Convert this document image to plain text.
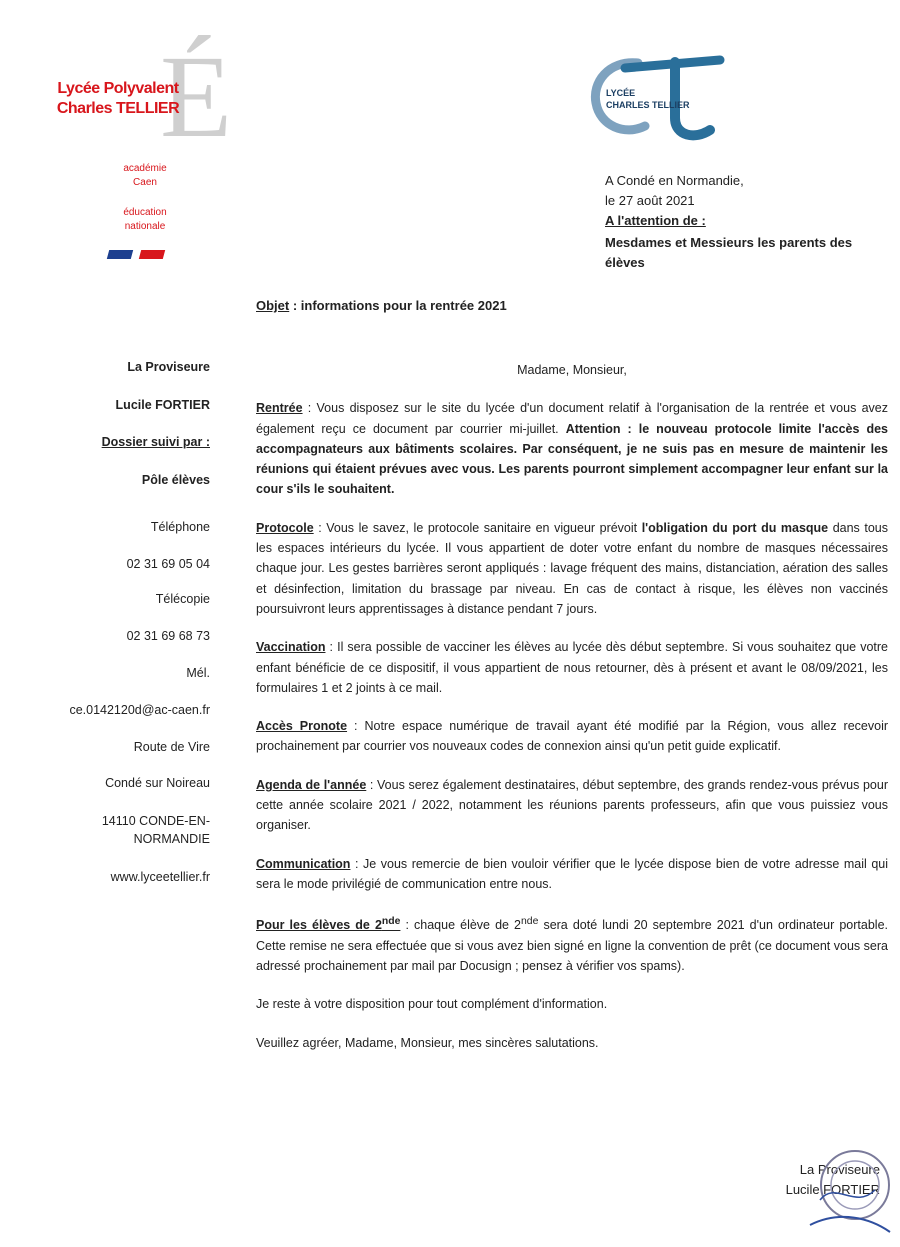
É
Lycée Polyvalent
Charles TELLIER
académie
Caen
éducation
nationale
LYCÉE
CHARLES TELLIER
A Condé en Normandie,
le 27 août 2021
A l'attention de :
Mesdames et Messieurs les parents des
élèves
Objet : informations pour la rentrée 2021
La Proviseure
Lucile FORTIER
Dossier suivi par :
Pôle élèves
Téléphone
02 31 69 05 04
Télécopie
02 31 69 68 73
Mél.
ce.0142120d@ac-caen.fr
Route de Vire
Condé sur Noireau
14110 CONDE-EN-
NORMANDIE
www.lyceetellier.fr
Madame, Monsieur,

Rentrée : Vous disposez sur le site du lycée d'un document relatif à l'organisation de la rentrée et vous avez également reçu ce document par courrier mi-juillet. Attention : le nouveau protocole limite l'accès des accompagnateurs aux bâtiments scolaires. Par conséquent, je ne suis pas en mesure de maintenir les réunions qui étaient prévues avec vous. Les parents pourront simplement accompagner leur enfant sur la cour s'ils le souhaitent.

Protocole : Vous le savez, le protocole sanitaire en vigueur prévoit l'obligation du port du masque dans tous les espaces intérieurs du lycée. Il vous appartient de doter votre enfant du nombre de masques nécessaires chaque jour. Les gestes barrières seront appliqués : lavage fréquent des mains, distanciation, aération des salles et désinfection, limitation du brassage par niveau. En cas de contact à risque, les élèves non vaccinés poursuivront leurs apprentissages à distance pendant 7 jours.

Vaccination : Il sera possible de vacciner les élèves au lycée dès début septembre. Si vous souhaitez que votre enfant bénéficie de ce dispositif, il vous appartient de nous retourner, dès à présent et avant le 08/09/2021, les formulaires 1 et 2 joints à ce mail.

Accès Pronote : Notre espace numérique de travail ayant été modifié par la Région, vous allez recevoir prochainement par courrier vos nouveaux codes de connexion ainsi qu'un petit guide explicatif.

Agenda de l'année : Vous serez également destinataires, début septembre, des grands rendez-vous prévus pour cette année scolaire 2021 / 2022, notamment les réunions parents professeurs, afin que vous puissiez vous organiser.

Communication : Je vous remercie de bien vouloir vérifier que le lycée dispose bien de votre adresse mail qui sera le mode privilégié de communication entre nous.

Pour les élèves de 2nde : chaque élève de 2nde sera doté lundi 20 septembre 2021 d'un ordinateur portable. Cette remise ne sera effectuée que si vous avez bien signé en ligne la convention de prêt (ce document vous sera adressé prochainement par mail par Docusign ; pensez à vérifier vos spams).

Je reste à votre disposition pour tout complément d'information.

Veuillez agréer, Madame, Monsieur, mes sincères salutations.

La Proviseure
Lucile FORTIER
